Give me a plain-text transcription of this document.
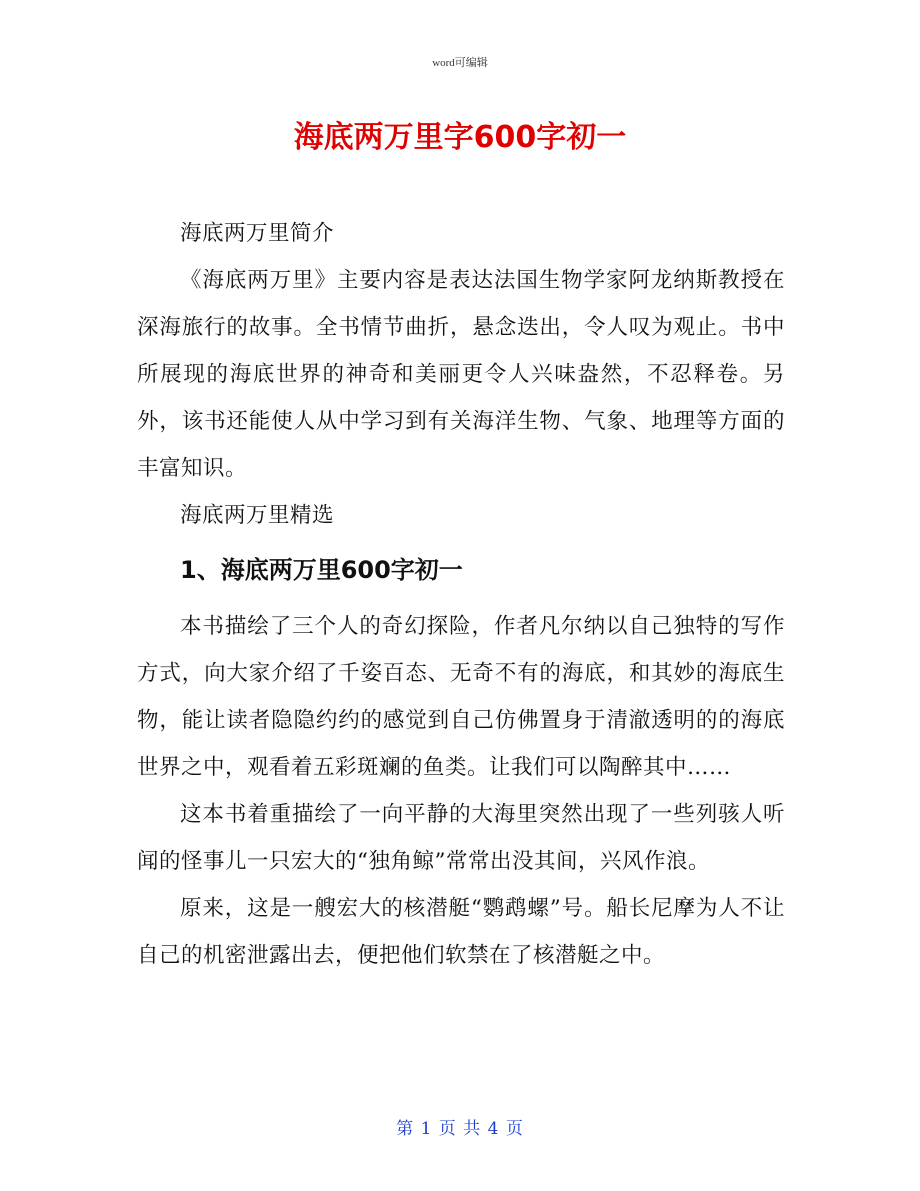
word可编辑
海底两万里字600字初一

海底两万里简介

《海底两万里》主要内容是表达法国生物学家阿龙纳斯教授在深海旅行的故事。全书情节曲折，悬念迭出，令人叹为观止。书中所展现的海底世界的神奇和美丽更令人兴味盎然，不忍释卷。另外，该书还能使人从中学习到有关海洋生物、气象、地理等方面的丰富知识。

海底两万里精选

1、海底两万里600字初一

本书描绘了三个人的奇幻探险，作者凡尔纳以自己独特的写作方式，向大家介绍了千姿百态、无奇不有的海底，和其妙的海底生物，能让读者隐隐约约的感觉到自己仿佛置身于清澈透明的的海底世界之中，观看着五彩斑斓的鱼类。让我们可以陶醉其中……

这本书着重描绘了一向平静的大海里突然出现了一些列骇人听闻的怪事儿一只宏大的“独角鲸”常常出没其间，兴风作浪。

原来，这是一艘宏大的核潜艇“鹦鹉螺”号。船长尼摩为人不让自己的机密泄露出去，便把他们软禁在了核潜艇之中。

第 1 页 共 4 页
